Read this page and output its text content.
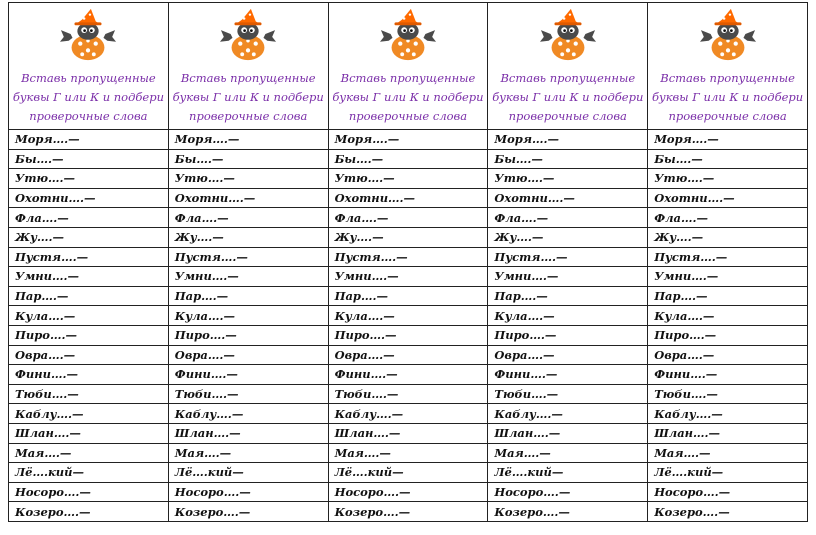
Вставь пропущенные буквы Г или К и подбери проверочные слова	Вставь пропущенные буквы Г или К и подбери проверочные слова	Вставь пропущенные буквы Г или К и подбери проверочные слова	Вставь пропущенные буквы Г или К и подбери проверочные слова	Вставь пропущенные буквы Г или К и подбери проверочные слова

Моря….—	Моря….—	Моря….—	Моря….—	Моря….—
Бы….—	Бы….—	Бы….—	Бы….—	Бы….—
Утю….—	Утю….—	Утю….—	Утю….—	Утю….—
Охотни….—	Охотни….—	Охотни….—	Охотни….—	Охотни….—
Фла….—	Фла….—	Фла….—	Фла….—	Фла….—
Жу….—	Жу….—	Жу….—	Жу….—	Жу….—
Пустя….—	Пустя….—	Пустя….—	Пустя….—	Пустя….—
Умни….—	Умни….—	Умни….—	Умни….—	Умни….—
Пар….—	Пар….—	Пар….—	Пар….—	Пар….—
Кула….—	Кула….—	Кула….—	Кула….—	Кула….—
Пиро….—	Пиро….—	Пиро….—	Пиро….—	Пиро….—
Овра….—	Овра….—	Овра….—	Овра….—	Овра….—
Фини….—	Фини….—	Фини….—	Фини….—	Фини….—
Тюби….—	Тюби….—	Тюби….—	Тюби….—	Тюби….—
Каблу….—	Каблу….—	Каблу….—	Каблу….—	Каблу….—
Шлан….—	Шлан….—	Шлан….—	Шлан….—	Шлан….—
Мая….—	Мая….—	Мая….—	Мая….—	Мая….—
Лё….кий—	Лё….кий—	Лё….кий—	Лё….кий—	Лё….кий—
Носоро….—	Носоро….—	Носоро….—	Носоро….—	Носоро….—
Козеро….—	Козеро….—	Козеро….—	Козеро….—	Козеро….—
